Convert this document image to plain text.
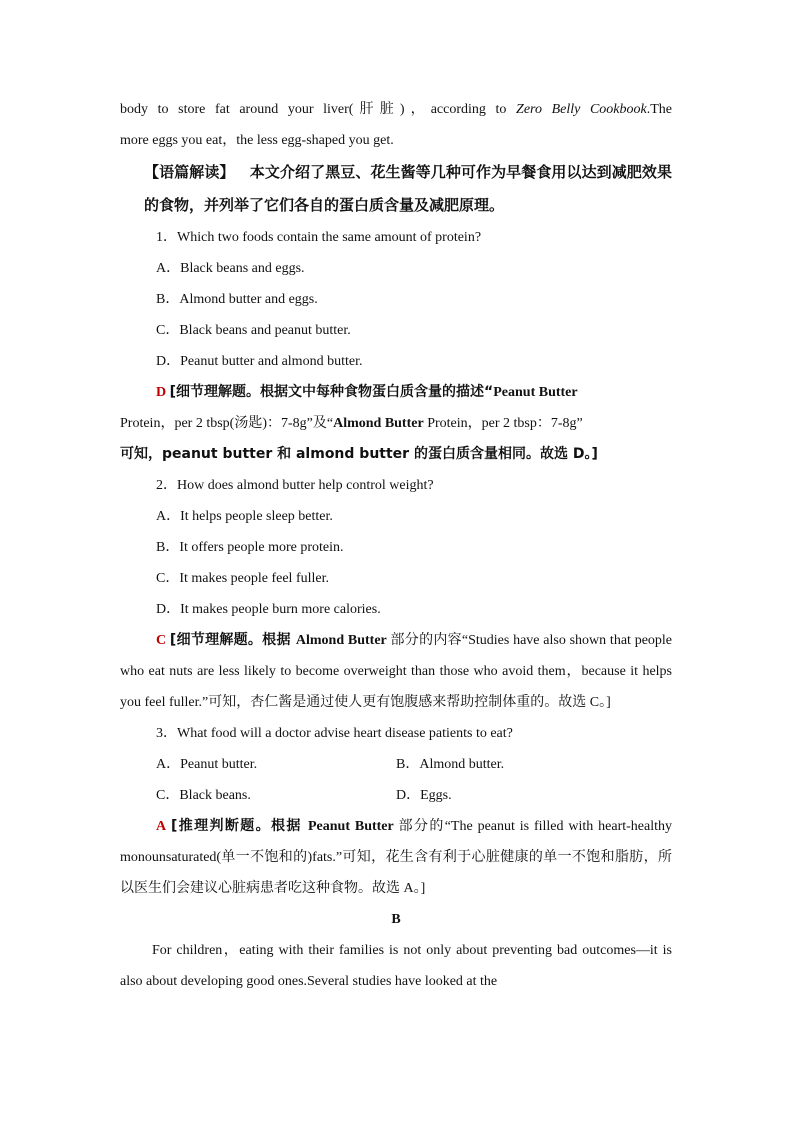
body to store fat around your liver(肝脏)，according to Zero Belly Cookbook.The
more eggs you eat，the less egg-shaped you get.
【语篇解读】 本文介绍了黑豆、花生酱等几种可作为早餐食用以达到减肥效果的食物，并列举了它们各自的蛋白质含量及减肥原理。
1．Which two foods contain the same amount of protein?
A．Black beans and eggs.
B．Almond butter and eggs.
C．Black beans and peanut butter.
D．Peanut butter and almond butter.
D [细节理解题。根据文中每种食物蛋白质含量的描述“Peanut Butter
Protein，per 2 tbsp(汤匙)：7-8g”及“Almond Butter Protein，per 2 tbsp：7-8g”
可知，peanut butter 和 almond butter 的蛋白质含量相同。故选 D。]
2．How does almond butter help control weight?
A．It helps people sleep better.
B．It offers people more protein.
C．It makes people feel fuller.
D．It makes people burn more calories.
C [细节理解题。根据 Almond Butter 部分的内容“Studies have also shown that people who eat nuts are less likely to become overweight than those who avoid them，because it helps you feel fuller.”可知，杏仁酱是通过使人更有饱腹感来帮助控制体重的。故选 C。]
3．What food will a doctor advise heart disease patients to eat?
A．Peanut butter.	B．Almond butter.
C．Black beans.	D．Eggs.
A [推理判断题。根据 Peanut Butter 部分的“The peanut is filled with heart-healthy monounsaturated(单一不饱和的)fats.”可知，花生含有利于心脏健康的单一不饱和脂肪，所以医生们会建议心脏病患者吃这种食物。故选 A。]
B
For children，eating with their families is not only about preventing bad outcomes—it is also about developing good ones.Several studies have looked at the
